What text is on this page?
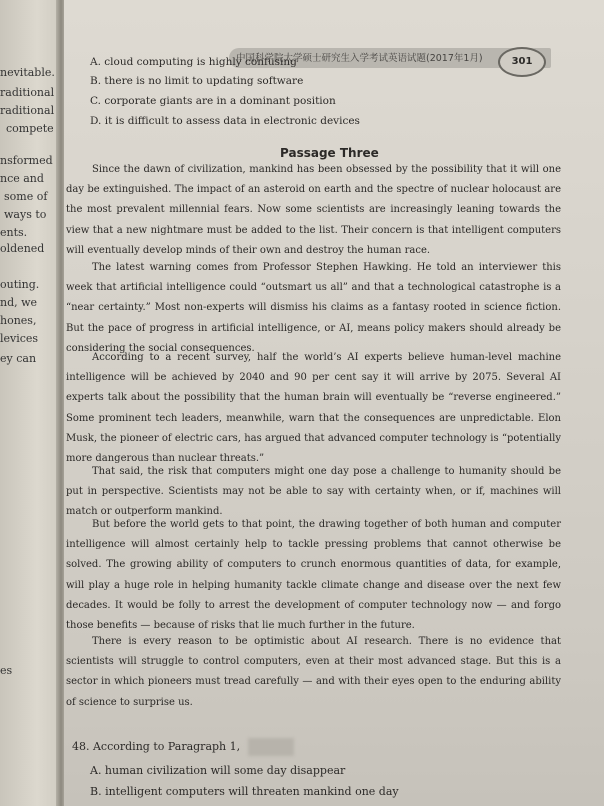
nevitable.
raditional
raditional
compete
nsformed
nce and
some of
ways to
ents.
oldened
outing.
nd, we
hones,
levices
ey can
es
中国科学院大学硕士研究生入学考试英语试题(2017年1月)	301
A. cloud computing is highly confusing
B. there is no limit to updating software
C. corporate giants are in a dominant position
D. it is difficult to assess data in electronic devices
Passage Three

Since the dawn of civilization, mankind has been obsessed by the possibility that it will one day be extinguished. The impact of an asteroid on earth and the spectre of nuclear holocaust are the most prevalent millennial fears. Now some scientists are increasingly leaning towards the view that a new nightmare must be added to the list. Their concern is that intelligent computers will eventually develop minds of their own and destroy the human race.

The latest warning comes from Professor Stephen Hawking. He told an interviewer this week that artificial intelligence could “outsmart us all” and that a technological catastrophe is a “near certainty.” Most non-experts will dismiss his claims as a fantasy rooted in science fiction. But the pace of progress in artificial intelligence, or AI, means policy makers should already be considering the social consequences.

According to a recent survey, half the world’s AI experts believe human-level machine intelligence will be achieved by 2040 and 90 per cent say it will arrive by 2075. Several AI experts talk about the possibility that the human brain will eventually be “reverse engineered.” Some prominent tech leaders, meanwhile, warn that the consequences are unpredictable. Elon Musk, the pioneer of electric cars, has argued that advanced computer technology is “potentially more dangerous than nuclear threats.”

That said, the risk that computers might one day pose a challenge to humanity should be put in perspective. Scientists may not be able to say with certainty when, or if, machines will match or outperform mankind.

But before the world gets to that point, the drawing together of both human and computer intelligence will almost certainly help to tackle pressing problems that cannot otherwise be solved. The growing ability of computers to crunch enormous quantities of data, for example, will play a huge role in helping humanity tackle climate change and disease over the next few decades. It would be folly to arrest the development of computer technology now — and forgo those benefits — because of risks that lie much further in the future.

There is every reason to be optimistic about AI research. There is no evidence that scientists will struggle to control computers, even at their most advanced stage. But this is a sector in which pioneers must tread carefully — and with their eyes open to the enduring ability of science to surprise us.

48. According to Paragraph 1,
A. human civilization will some day disappear
B. intelligent computers will threaten mankind one day
